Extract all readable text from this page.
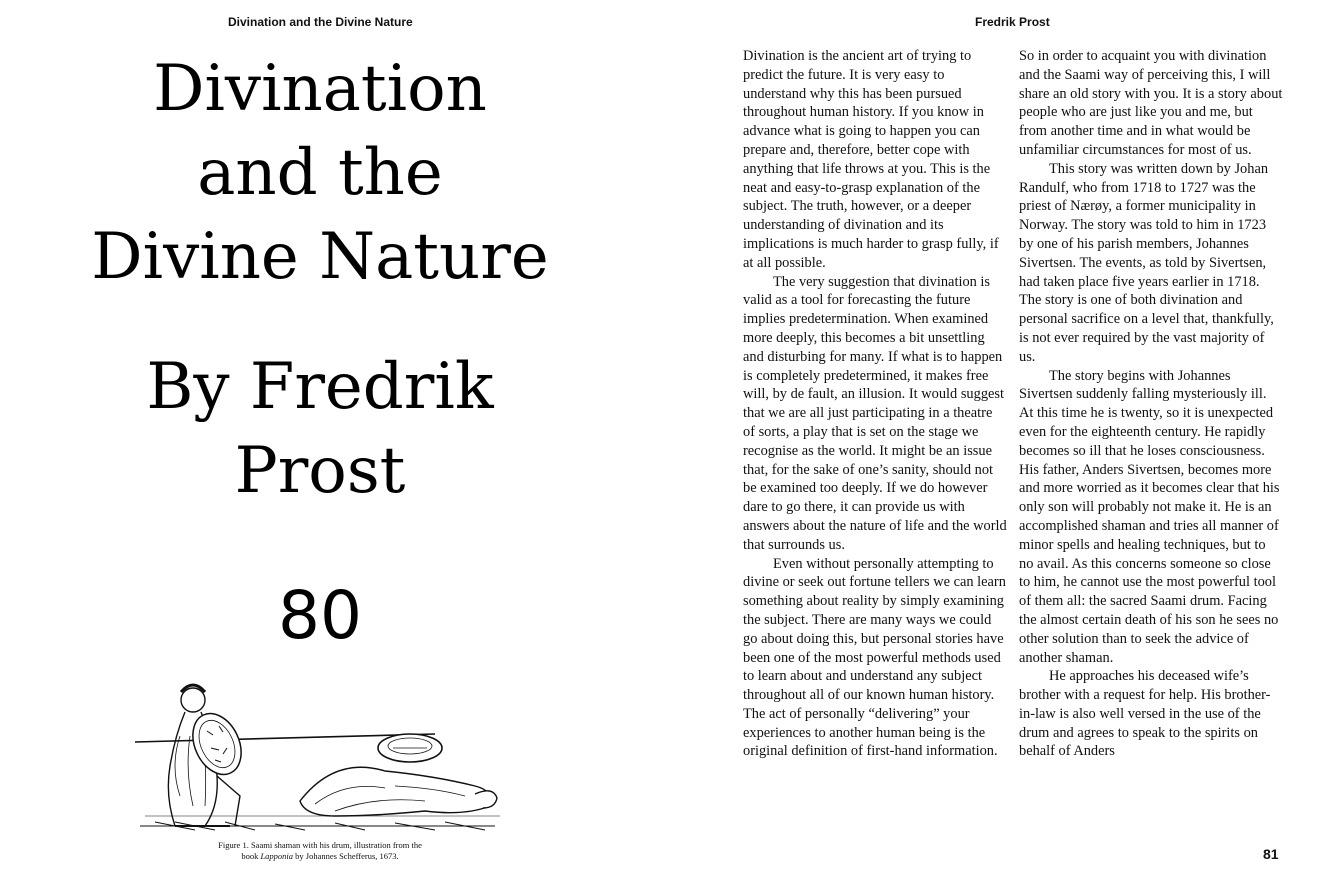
Divination and the Divine Nature
Divination
and the
Divine Nature
By Fredrik
Prost
80
Figure 1. Saami shaman with his drum, illustration from the
book Lapponia by Johannes Schefferus, 1673.
Fredrik Prost

Divination is the ancient art of trying to predict the future. It is very easy to understand why this has been pursued throughout human history. If you know in advance what is going to happen you can prepare and, therefore, better cope with anything that life throws at you. This is the neat and easy-to-grasp explanation of the subject. The truth, however, or a deeper understanding of divination and its implications is much harder to grasp fully, if at all possible.

The very suggestion that divination is valid as a tool for forecasting the future implies predetermination. When examined more deeply, this becomes a bit unsettling and disturbing for many. If what is to happen is completely predetermined, it makes free will, by de fault, an illusion. It would suggest that we are all just participating in a theatre of sorts, a play that is set on the stage we recognise as the world. It might be an issue that, for the sake of one’s sanity, should not be examined too deeply. If we do however dare to go there, it can provide us with answers about the nature of life and the world that surrounds us.

Even without personally attempting to divine or seek out fortune tellers we can learn something about reality by simply examining the subject. There are many ways we could go about doing this, but personal stories have been one of the most powerful methods used to learn about and understand any subject throughout all of our known human history. The act of personally “delivering” your experiences to another human being is the original definition of first-hand information.

So in order to acquaint you with divination and the Saami way of perceiving this, I will share an old story with you. It is a story about people who are just like you and me, but from another time and in what would be unfamiliar circumstances for most of us.

This story was written down by Johan Randulf, who from 1718 to 1727 was the priest of Nærøy, a former municipality in Norway. The story was told to him in 1723 by one of his parish members, Johannes Sivertsen. The events, as told by Sivertsen, had taken place five years earlier in 1718. The story is one of both divination and personal sacrifice on a level that, thankfully, is not ever required by the vast majority of us.

The story begins with Johannes Sivertsen suddenly falling mysteriously ill. At this time he is twenty, so it is unexpected even for the eighteenth century. He rapidly becomes so ill that he loses consciousness. His father, Anders Sivertsen, becomes more and more worried as it becomes clear that his only son will probably not make it. He is an accomplished shaman and tries all manner of minor spells and healing techniques, but to no avail. As this concerns someone so close to him, he cannot use the most powerful tool of them all: the sacred Saami drum. Facing the almost certain death of his son he sees no other solution than to seek the advice of another shaman.

He approaches his deceased wife’s brother with a request for help. His brother-in-law is also well versed in the use of the drum and agrees to speak to the spirits on behalf of Anders

81
